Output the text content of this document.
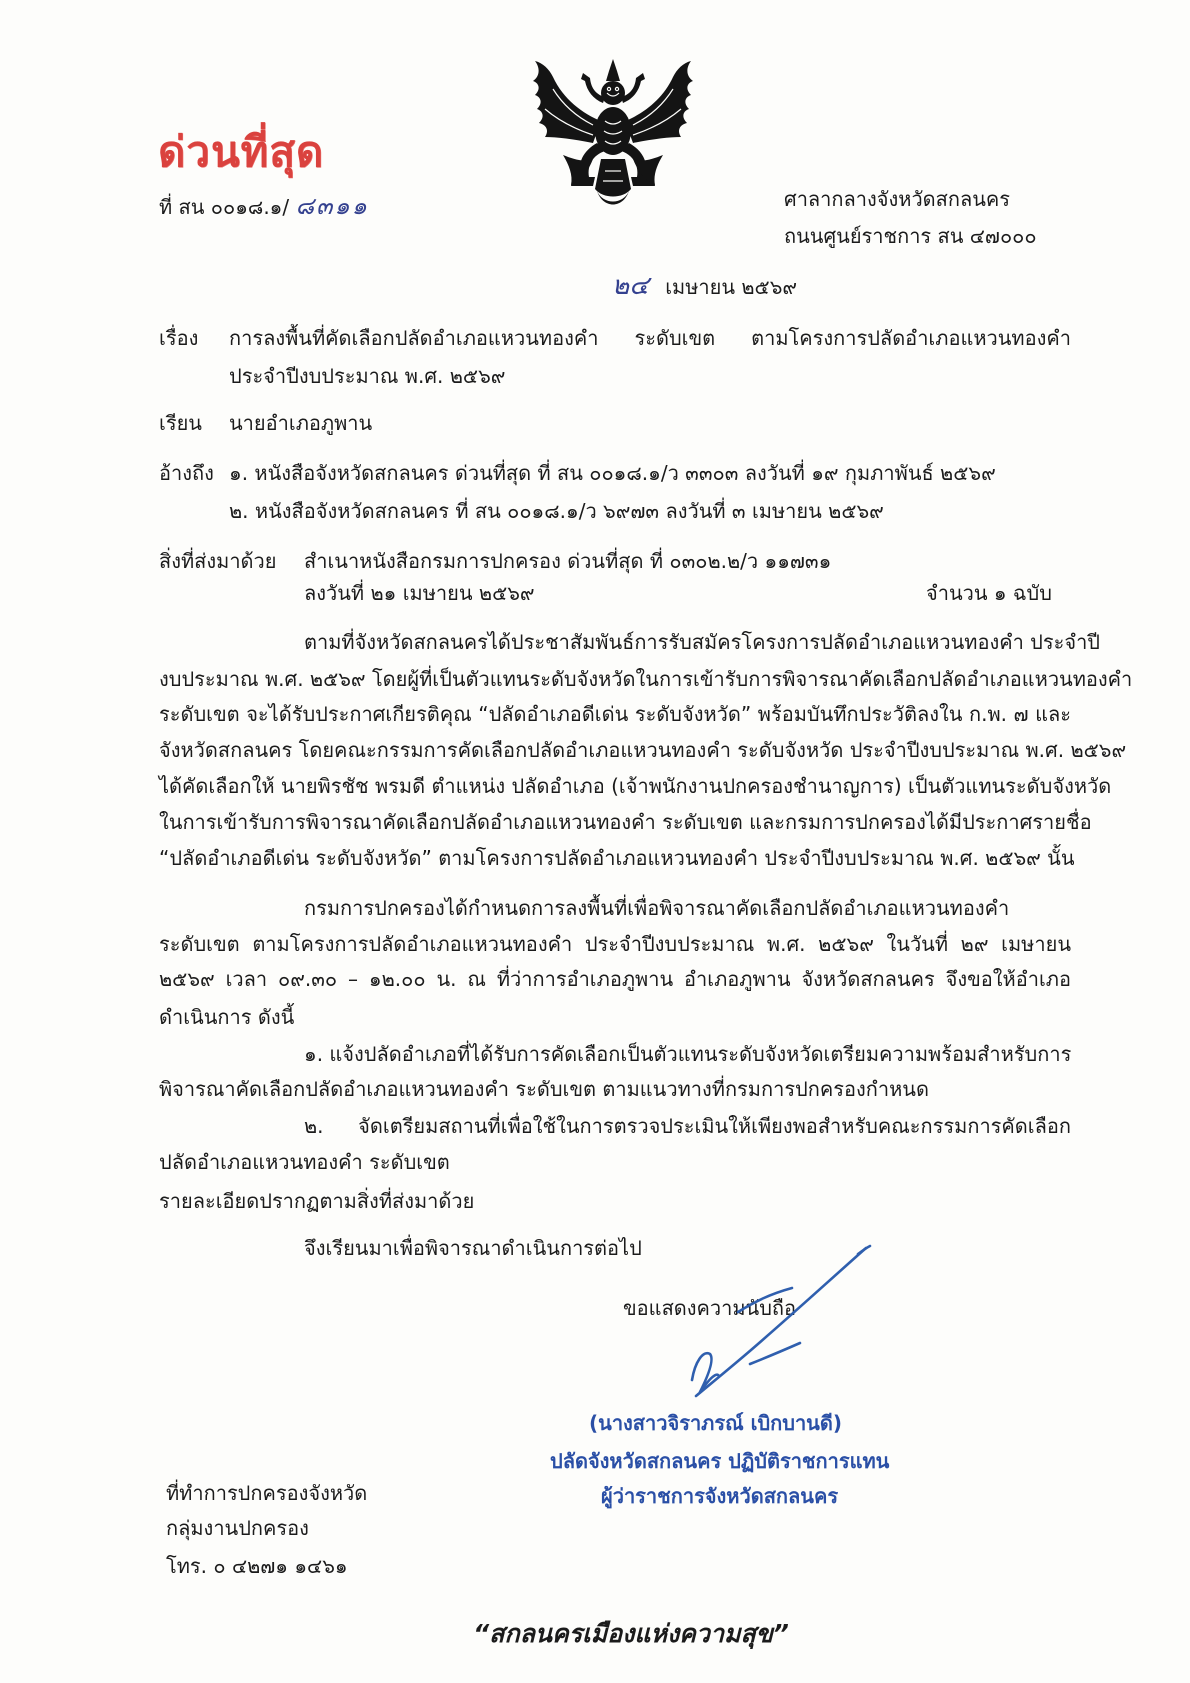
ด่วนที่สุด
ที่ สน ๐๐๑๘.๑/ ๘๓๑๑	ศาลากลางจังหวัดสกลนคร
ถนนศูนย์ราชการ สน ๔๗๐๐๐
๒๔ เมษายน ๒๕๖๙
เรื่อง การลงพื้นที่คัดเลือกปลัดอำเภอแหวนทองคำ ระดับเขต ตามโครงการปลัดอำเภอแหวนทองคำ
ประจำปีงบประมาณ พ.ศ. ๒๕๖๙
เรียน นายอำเภอภูพาน
อ้างถึง ๑. หนังสือจังหวัดสกลนคร ด่วนที่สุด ที่ สน ๐๐๑๘.๑/ว ๓๓๐๓ ลงวันที่ ๑๙ กุมภาพันธ์ ๒๕๖๙
๒. หนังสือจังหวัดสกลนคร ที่ สน ๐๐๑๘.๑/ว ๖๙๗๓ ลงวันที่ ๓ เมษายน ๒๕๖๙
สิ่งที่ส่งมาด้วย สำเนาหนังสือกรมการปกครอง ด่วนที่สุด ที่ ๐๓๐๒.๒/ว ๑๑๗๓๑
ลงวันที่ ๒๑ เมษายน ๒๕๖๙	จำนวน ๑ ฉบับ
ตามที่จังหวัดสกลนครได้ประชาสัมพันธ์การรับสมัครโครงการปลัดอำเภอแหวนทองคำ ประจำปี
งบประมาณ พ.ศ. ๒๕๖๙ โดยผู้ที่เป็นตัวแทนระดับจังหวัดในการเข้ารับการพิจารณาคัดเลือกปลัดอำเภอแหวนทองคำ
ระดับเขต จะได้รับประกาศเกียรติคุณ “ปลัดอำเภอดีเด่น ระดับจังหวัด” พร้อมบันทึกประวัติลงใน ก.พ. ๗ และ
จังหวัดสกลนคร โดยคณะกรรมการคัดเลือกปลัดอำเภอแหวนทองคำ ระดับจังหวัด ประจำปีงบประมาณ พ.ศ. ๒๕๖๙
ได้คัดเลือกให้ นายพิรชัช พรมดี ตำแหน่ง ปลัดอำเภอ (เจ้าพนักงานปกครองชำนาญการ) เป็นตัวแทนระดับจังหวัด
ในการเข้ารับการพิจารณาคัดเลือกปลัดอำเภอแหวนทองคำ ระดับเขต และกรมการปกครองได้มีประกาศรายชื่อ
“ปลัดอำเภอดีเด่น ระดับจังหวัด” ตามโครงการปลัดอำเภอแหวนทองคำ ประจำปีงบประมาณ พ.ศ. ๒๕๖๙ นั้น
กรมการปกครองได้กำหนดการลงพื้นที่เพื่อพิจารณาคัดเลือกปลัดอำเภอแหวนทองคำ
ระดับเขต ตามโครงการปลัดอำเภอแหวนทองคำ ประจำปีงบประมาณ พ.ศ. ๒๕๖๙ ในวันที่ ๒๙ เมษายน
๒๕๖๙ เวลา ๐๙.๓๐ – ๑๒.๐๐ น. ณ ที่ว่าการอำเภอภูพาน อำเภอภูพาน จังหวัดสกลนคร จึงขอให้อำเภอ
ดำเนินการ ดังนี้
๑. แจ้งปลัดอำเภอที่ได้รับการคัดเลือกเป็นตัวแทนระดับจังหวัดเตรียมความพร้อมสำหรับการ
พิจารณาคัดเลือกปลัดอำเภอแหวนทองคำ ระดับเขต ตามแนวทางที่กรมการปกครองกำหนด
๒. จัดเตรียมสถานที่เพื่อใช้ในการตรวจประเมินให้เพียงพอสำหรับคณะกรรมการคัดเลือก
ปลัดอำเภอแหวนทองคำ ระดับเขต
รายละเอียดปรากฏตามสิ่งที่ส่งมาด้วย
จึงเรียนมาเพื่อพิจารณาดำเนินการต่อไป
ขอแสดงความนับถือ
(นางสาวจิราภรณ์ เบิกบานดี)
ปลัดจังหวัดสกลนคร ปฏิบัติราชการแทน
ผู้ว่าราชการจังหวัดสกลนคร
ที่ทำการปกครองจังหวัด
กลุ่มงานปกครอง
โทร. ๐ ๔๒๗๑ ๑๔๖๑
“สกลนครเมืองแห่งความสุข”
